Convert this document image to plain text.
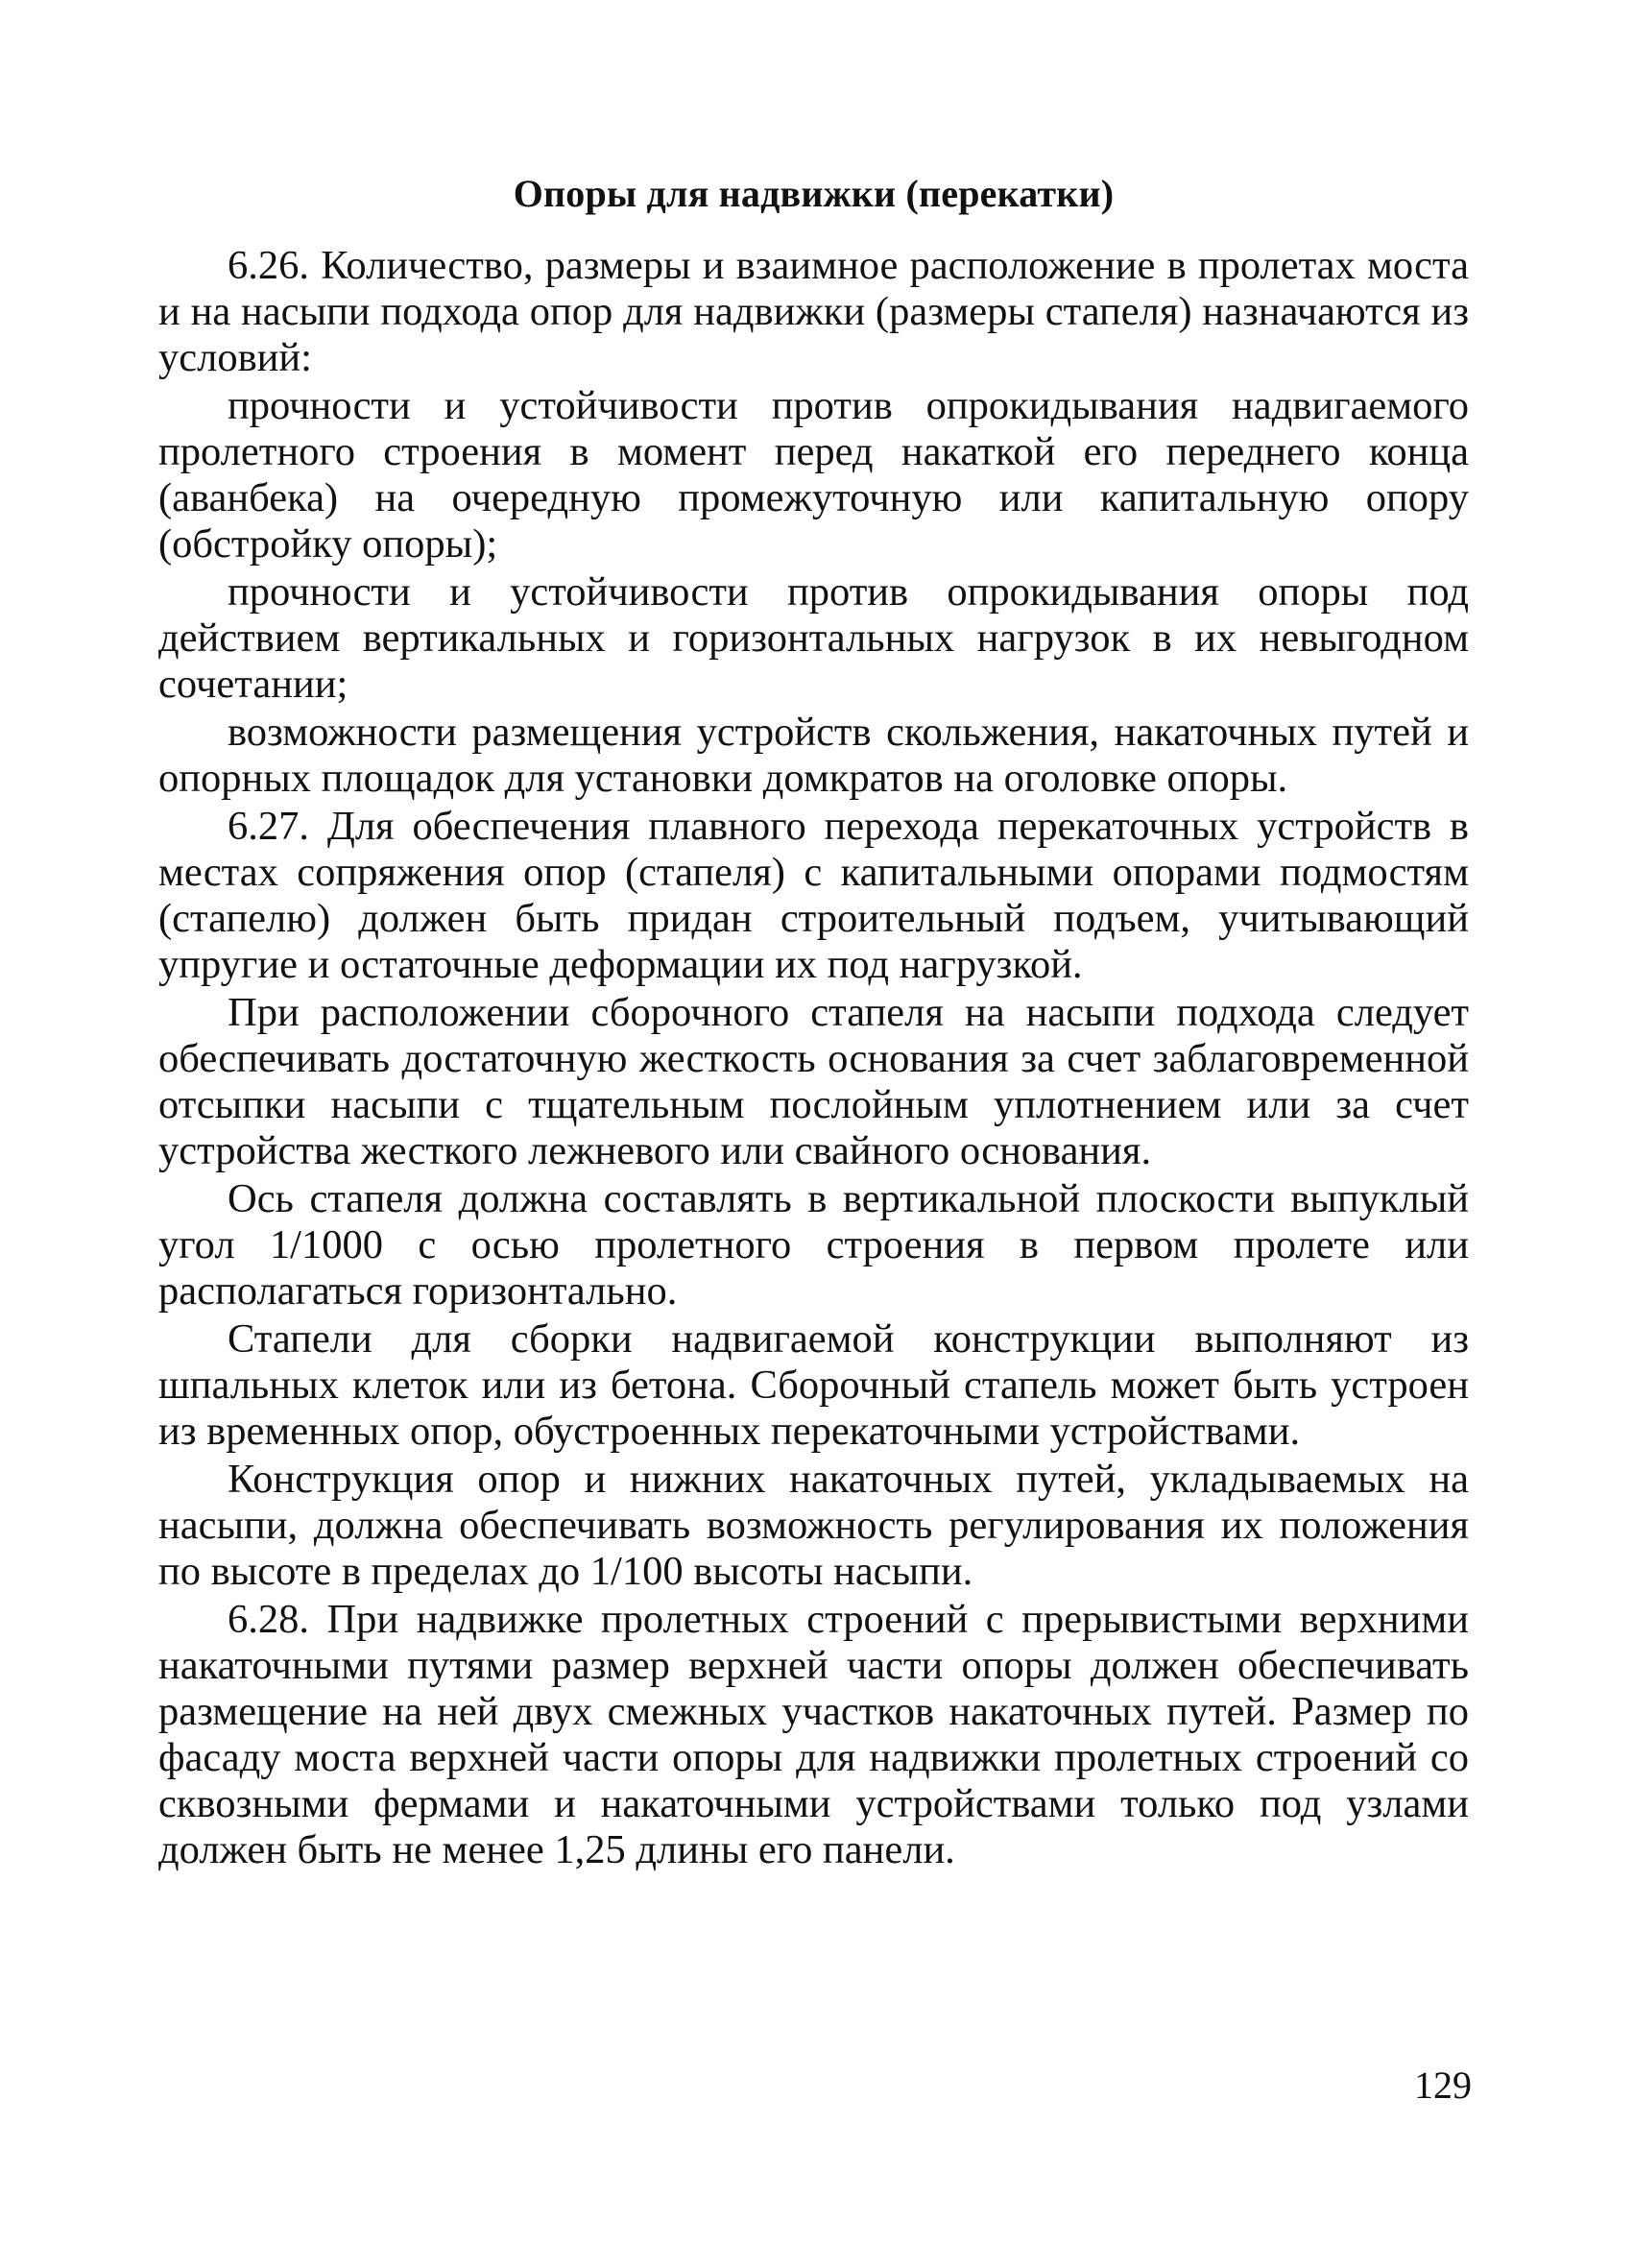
Опоры для надвижки (перекатки)

6.26. Количество, размеры и взаимное расположение в пролетах моста и на насыпи подхода опор для надвижки (размеры стапеля) назначаются из условий:

прочности и устойчивости против опрокидывания надвигаемого пролетного строения в момент перед накаткой его переднего конца (аванбека) на очередную промежуточную или капитальную опору (обстройку опоры);

прочности и устойчивости против опрокидывания опоры под действием вертикальных и горизонтальных нагрузок в их невыгодном сочетании;

возможности размещения устройств скольжения, накаточных путей и опорных площадок для установки домкратов на оголовке опоры.

6.27. Для обеспечения плавного перехода перекаточных устройств в местах сопряжения опор (стапеля) с капитальными опорами подмостям (стапелю) должен быть придан строительный подъем, учитывающий упругие и остаточные деформации их под нагрузкой.

При расположении сборочного стапеля на насыпи подхода следует обеспечивать достаточную жесткость основания за счет заблаговременной отсыпки насыпи с тщательным послойным уплотнением или за счет устройства жесткого лежневого или свайного основания.

Ось стапеля должна составлять в вертикальной плоскости выпуклый угол 1/1000 с осью пролетного строения в первом пролете или располагаться горизонтально.

Стапели для сборки надвигаемой конструкции выполняют из шпальных клеток или из бетона. Сборочный стапель может быть устроен из временных опор, обустроенных перекаточными устройствами.

Конструкция опор и нижних накаточных путей, укладываемых на насыпи, должна обеспечивать возможность регулирования их положения по высоте в пределах до 1/100 высоты насыпи.

6.28. При надвижке пролетных строений с прерывистыми верхними накаточными путями размер верхней части опоры должен обеспечивать размещение на ней двух смежных участков накаточных путей. Размер по фасаду моста верхней части опоры для надвижки пролетных строений со сквозными фермами и накаточными устройствами только под узлами должен быть не менее 1,25 длины его панели.

129
